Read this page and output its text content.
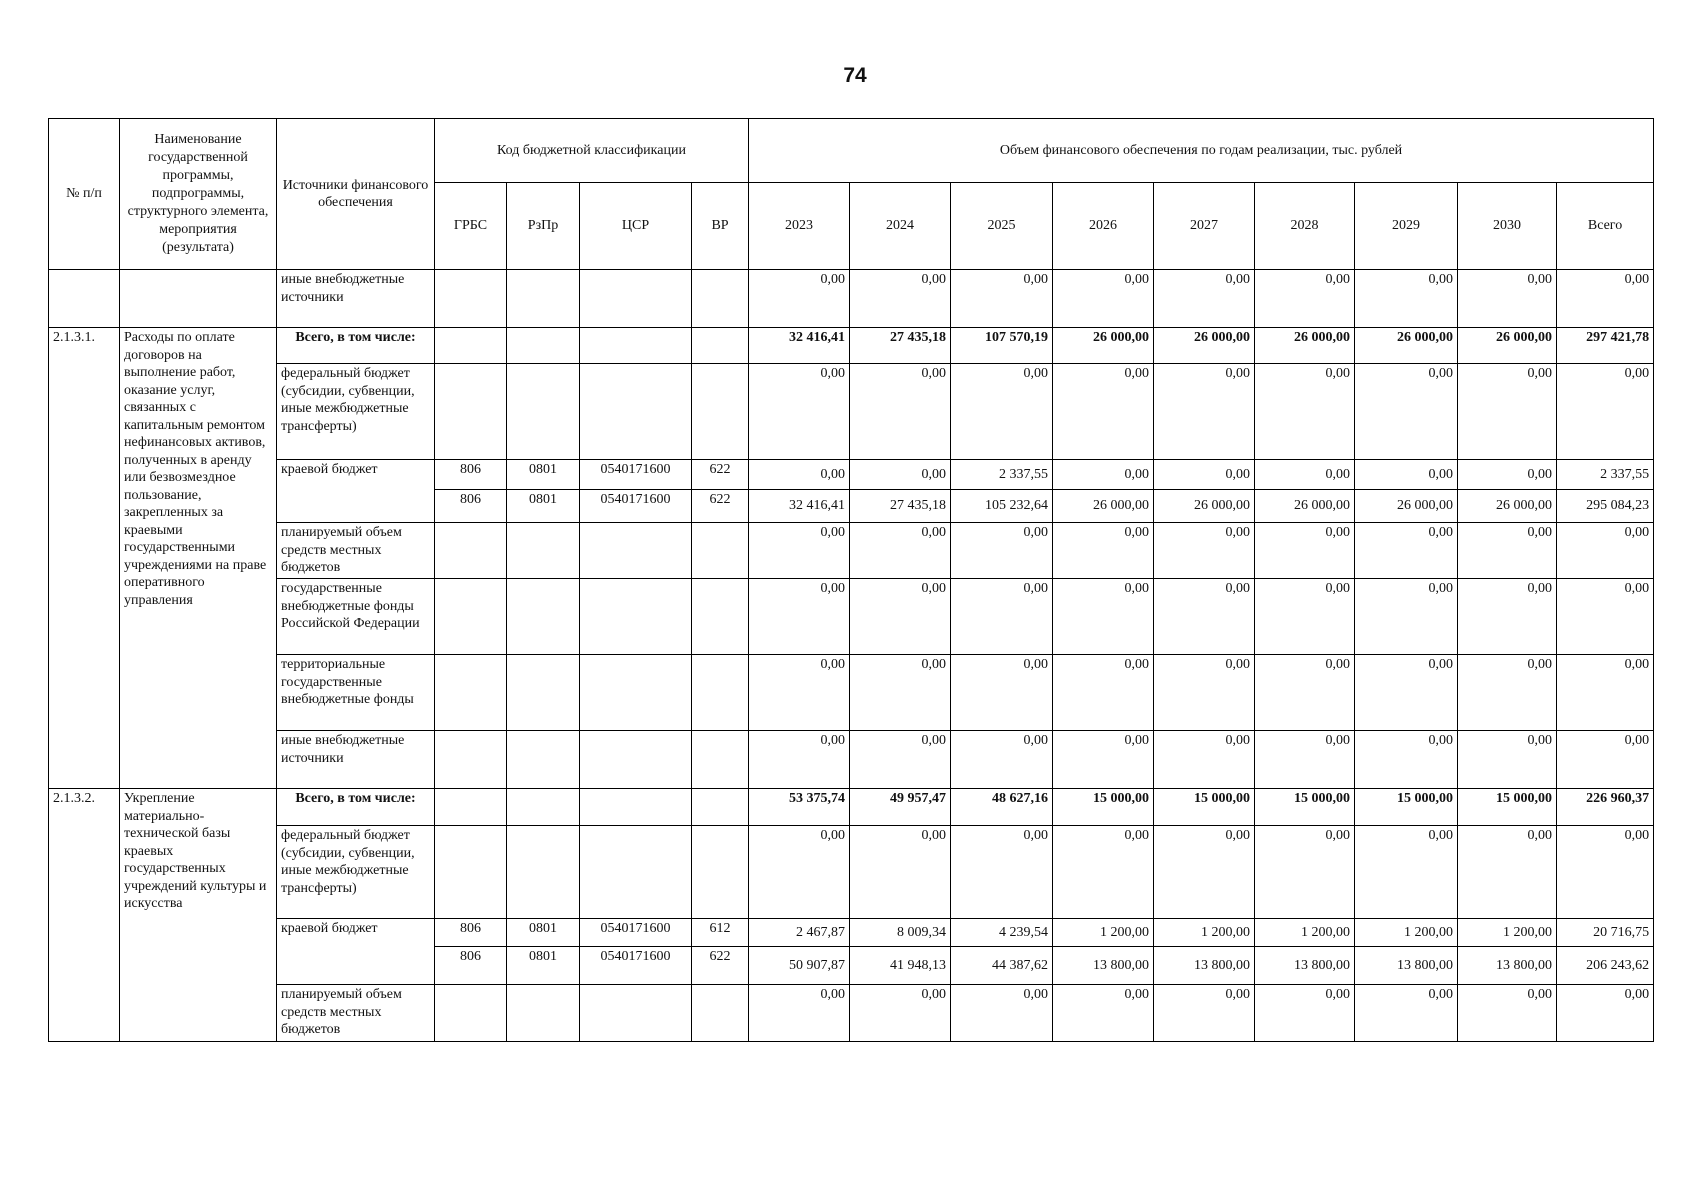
74
№ п/п	Наименование государственной программы, подпрограммы, структурного элемента, мероприятия (результата)	Источники финансового обеспечения	Код бюджетной классификации				Объем финансового обеспечения по годам реализации, тыс. рублей								
			ГРБС	РзПр	ЦСР	ВР	2023	2024	2025	2026	2027	2028	2029	2030	Всего
		иные внебюджетные источники					0,00	0,00	0,00	0,00	0,00	0,00	0,00	0,00	0,00
2.1.3.1.	Расходы по оплате договоров на выполнение работ, оказание услуг, связанных с капитальным ремонтом нефинансовых активов, полученных в аренду или безвозмездное пользование, закрепленных за краевыми государственными учреждениями на праве оперативного управления	Всего, в том числе:					32 416,41	27 435,18	107 570,19	26 000,00	26 000,00	26 000,00	26 000,00	26 000,00	297 421,78
		федеральный бюджет (субсидии, субвенции, иные межбюджетные трансферты)					0,00	0,00	0,00	0,00	0,00	0,00	0,00	0,00	0,00
		краевой бюджет	806	0801	0540171600	622	0,00	0,00	2 337,55	0,00	0,00	0,00	0,00	0,00	2 337,55
			806	0801	0540171600	622	32 416,41	27 435,18	105 232,64	26 000,00	26 000,00	26 000,00	26 000,00	26 000,00	295 084,23
		планируемый объем средств местных бюджетов					0,00	0,00	0,00	0,00	0,00	0,00	0,00	0,00	0,00
		государственные внебюджетные фонды Российской Федерации					0,00	0,00	0,00	0,00	0,00	0,00	0,00	0,00	0,00
		территориальные государственные внебюджетные фонды					0,00	0,00	0,00	0,00	0,00	0,00	0,00	0,00	0,00
		иные внебюджетные источники					0,00	0,00	0,00	0,00	0,00	0,00	0,00	0,00	0,00
2.1.3.2.	Укрепление материально-технической базы краевых государственных учреждений культуры и искусства	Всего, в том числе:					53 375,74	49 957,47	48 627,16	15 000,00	15 000,00	15 000,00	15 000,00	15 000,00	226 960,37
		федеральный бюджет (субсидии, субвенции, иные межбюджетные трансферты)					0,00	0,00	0,00	0,00	0,00	0,00	0,00	0,00	0,00
		краевой бюджет	806	0801	0540171600	612	2 467,87	8 009,34	4 239,54	1 200,00	1 200,00	1 200,00	1 200,00	1 200,00	20 716,75
			806	0801	0540171600	622	50 907,87	41 948,13	44 387,62	13 800,00	13 800,00	13 800,00	13 800,00	13 800,00	206 243,62
		планируемый объем средств местных бюджетов					0,00	0,00	0,00	0,00	0,00	0,00	0,00	0,00	0,00
